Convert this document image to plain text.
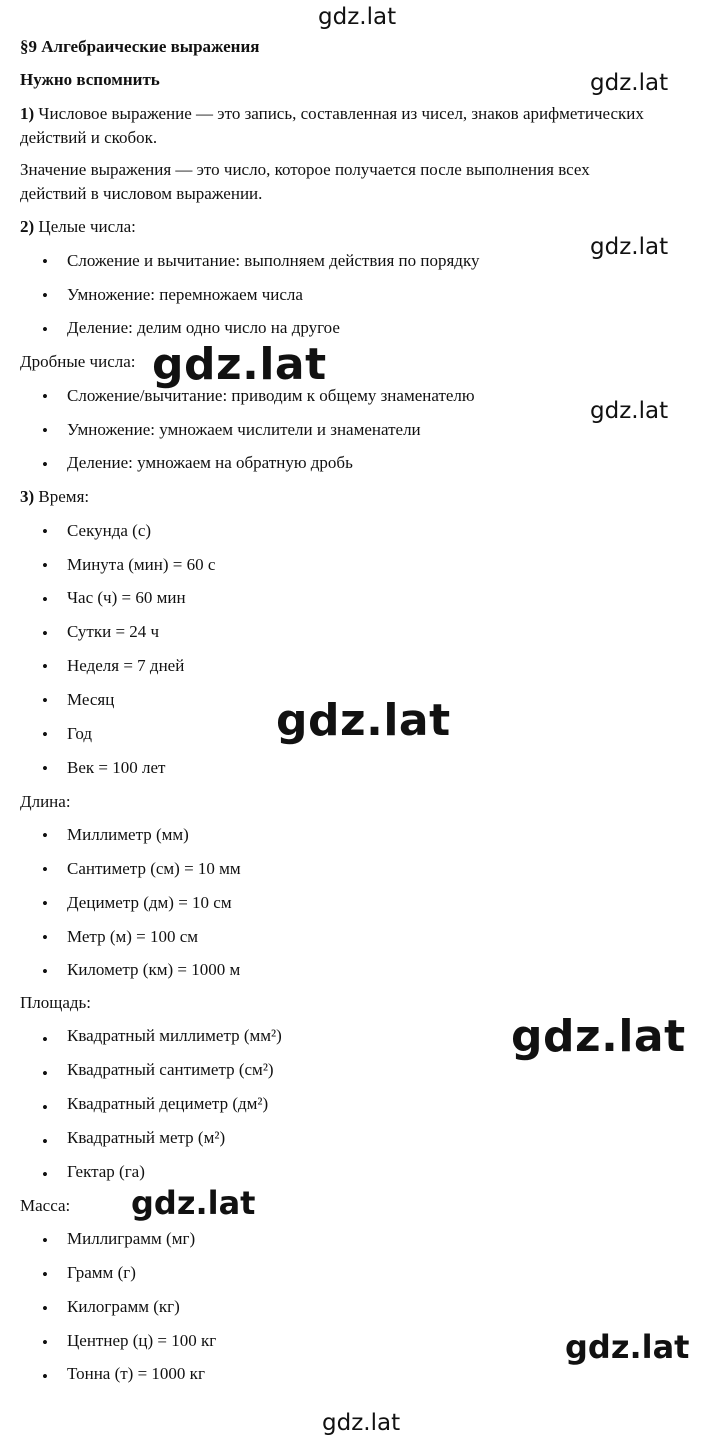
gdz.lat
§9 Алгебраические выражения
Нужно вспомнить
1) Числовое выражение — это запись, составленная из чисел, знаков арифметических
действий и скобок.
Значение выражения — это число, которое получается после выполнения всех
действий в числовом выражении.
2) Целые числа:
• Сложение и вычитание: выполняем действия по порядку
• Умножение: перемножаем числа
• Деление: делим одно число на другое
Дробные числа:
• Сложение/вычитание: приводим к общему знаменателю
• Умножение: умножаем числители и знаменатели
• Деление: умножаем на обратную дробь
3) Время:
• Секунда (с)
• Минута (мин) = 60 с
• Час (ч) = 60 мин
• Сутки = 24 ч
• Неделя = 7 дней
• Месяц
• Год
• Век = 100 лет
Длина:
• Миллиметр (мм)
• Сантиметр (см) = 10 мм
• Дециметр (дм) = 10 см
• Метр (м) = 100 см
• Километр (км) = 1000 м
Площадь:
• Квадратный миллиметр (мм²)
• Квадратный сантиметр (см²)
• Квадратный дециметр (дм²)
• Квадратный метр (м²)
• Гектар (га)
Масса:
• Миллиграмм (мг)
• Грамм (г)
• Килограмм (кг)
• Центнер (ц) = 100 кг
• Тонна (т) = 1000 кг
gdz.lat
gdz.lat
gdz.lat
gdz.lat
gdz.lat
gdz.lat
gdz.lat
gdz.lat
gdz.lat
